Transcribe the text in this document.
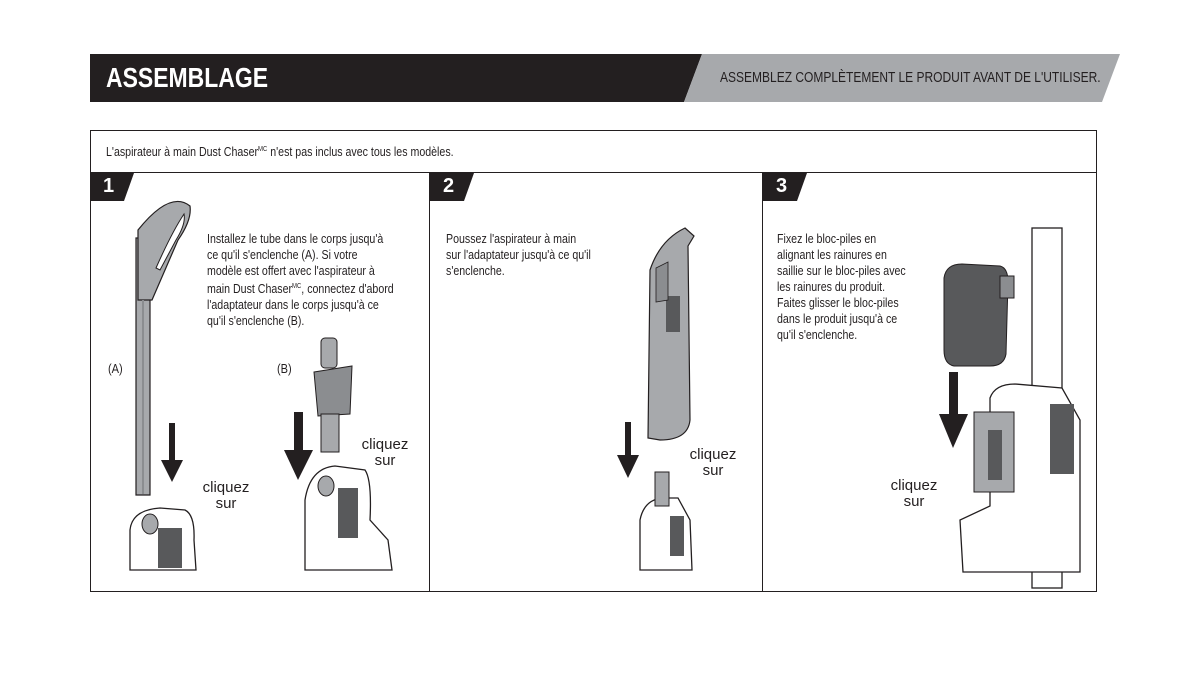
ASSEMBLAGE	ASSEMBLEZ COMPLÈTEMENT LE PRODUIT AVANT DE L'UTILISER.
L'aspirateur à main Dust Chaser$^{MC}$ n'est pas inclus avec tous les modèles.
1	2	3
Installez le tube dans le corps jusqu'à
ce qu'il s'enclenche (A). Si votre
modèle est offert avec l'aspirateur à
main Dust Chaser$^{MC}$, connectez d'abord
l'adaptateur dans le corps jusqu'à ce
qu'il s'enclenche (B).
Poussez l'aspirateur à main
sur l'adaptateur jusqu'à ce qu'il
s'enclenche.
Fixez le bloc-piles en
alignant les rainures en
saillie sur le bloc-piles avec
les rainures du produit.
Faites glisser le bloc-piles
dans le produit jusqu'à ce
qu'il s'enclenche.
(A)	(B)
cliquez
sur
cliquez
sur	cliquez
sur
cliquez
sur
